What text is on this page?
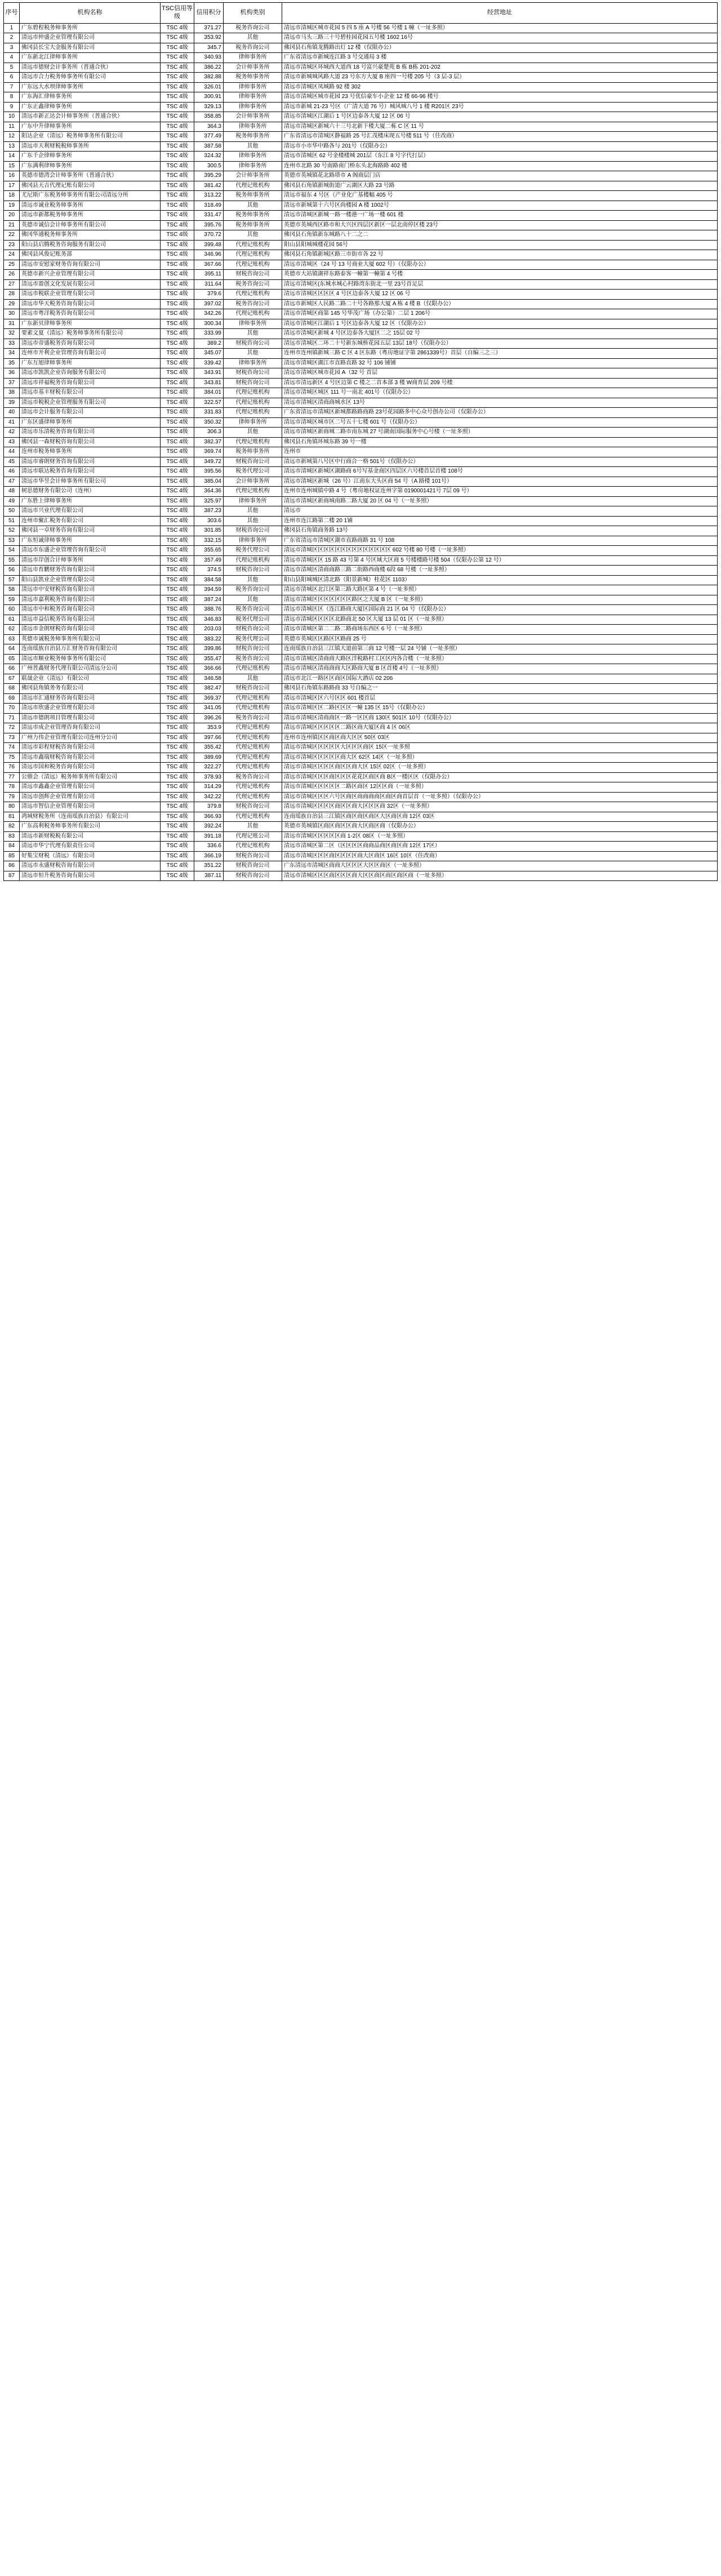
序号	机构名称	TSC信用等级	信用积分	机构类别	经营地址
1	广东碧程税务师事务所	TSC 4级	371.27	税务咨询公司	清远市清城区城市花园 5 四 5 座 A 号楼 56 号楼 1 幢（一址多照）
2	清远市仲盛企业管理有限公司	TSC 4级	353.92	其他	清远市马头三路三十号碧桂园花园五号楼 1602 16号
3	佛冈县长宝大金服务有限公司	TSC 4级	345.7	税务咨询公司	佛冈县石角镇龙腾路出灯 12 楼（仅限办公）
4	广东新北江律师事务所	TSC 4级	340.93	律师事务所	广东省清远市新城连江路 3 号交通局 3 楼
5	清远市德财会计事务所（普通合伙）	TSC 4级	386.22	会计师事务所	清远市清城区环城西大道西 18 号富兴豪楚苑 B 栋 B栋 201-202
6	清远市合力税务师事务所有限公司	TSC 4级	382.88	税务师事务所	清远市新城城风路大道 23 号东方大厦 B 座四一号楼 205 号（3 层-3 层）
7	广东远大水坝律师事务所	TSC 4级	326.01	律师事务所	清远市清城区凤城路 92 楼 302
8	广东海汇律师事务所	TSC 4级	300.91	律师事务所	清远市清城区城市花园 23 号优信豪车小企业 12 楼 66-96 楼号
9	广东正鑫律师事务所	TSC 4级	329.13	律师事务所	清远市新城 21-23 号区（广清大道 76 号）城风城八号 1 楼 R201区 23号
10	清远市新正达会计师事务所（普通合伙）	TSC 4级	358.85	会计师事务所	清远市清城区江湖后 1 号区边泰各大厦 12 区 06 号
11	广东中升律师事务所	TSC 4级	364.3	律师事务所	清远市清城区新城六十三号北新下楼大厦二栋 C 区 11 号
12	阳达企业（清远）税务师事务所有限公司	TSC 4级	377.49	税务师事务所	广东省清远市清城区静福路 25 号汇茂楼床现五号楼 511 号（住改商）
13	清远市天利财税税师事务所	TSC 4级	387.58	其他	清远市小市华中路各与 201号（仅限办公）
14	广东千企律师事务所	TSC 4级	324.32	律师事务所	清远市清城区 62 号金楼楼城 201层（东江 8 号字代打层）
15	广东满利律师事务所	TSC 4级	300.5	律师事务所	连州市北路 30 号南路南门桥东头北海路路 402 楼
16	英德市德湾会计师事务所（普通合伙）	TSC 4级	395.29	会计师事务所	英德市英城镇花北路塔市 A 阁商层门店
17	佛冈县天吉代理记账有限公司	TSC 4级	381.42	代理记账机构	佛冈县石角镇新城街道广云湖区大路 23 号路
18	尤尼斯广东税务师事务所有限公司清远分所	TSC 4级	313.22	税务师事务所	清远市福东 4 号区（产业化广基楼幅 405 号
19	清远市诚业税务师事务所	TSC 4级	318.49	其他	清远市新城第十六号区尚楼园 A 楼 1002号
20	清远市新都税务师事务所	TSC 4级	331.47	税务师事务所	清远市清城区新城一路一楼港一广场一楼 601 楼
21	英德市诚信会计师事务所有限公司	TSC 4级	395.76	税务师事务所	英德市英城西区路市和大兴区四层区新区一层北南停区楼 23号
22	佛冈华通税务师事务所	TSC 4级	370.72	其他	佛冈县石角镇新东城路八十二之二
23	阳山县启腾税务咨询服务有限公司	TSC 4级	399.48	代理记账机构	阳山县阳城城楼花园 56号
24	佛冈县风俊记账务部	TSC 4级	346.96	代理记账机构	佛冈县石角镇新城区路三市街市各 22 号
25	清远市安慰家财务咨询有限公司	TSC 4级	367.66	代理记账机构	清远市清城区（24 号 13 号商业大厦 602 号）（仅限办公）
26	英德市新兴企业管理有限公司	TSC 4级	395.11	财税咨询公司	英德市大站镇湖祥东路泰客一幢第一幢第 4 号楼
27	清远市盈创文化发展有限公司	TSC 4级	311.64	税务咨询公司	清远市清城区(东城水城心村路湾东街北一里 23号首足层
28	清远市税联企业管理有限公司	TSC 4级	379.6	代理记账机构	清远市清城区区区区 4 号区边泰各大厦 12 区 06 号
29	清远市华天税务咨询有限公司	TSC 4级	397.02	税务咨询公司	清远市新城区人民路二路二十号各路那大厦 A 栋 4 楼 B（仅限办公）
30	清远市粤洋税务咨询有限公司	TSC 4级	342.26	代理记账机构	清远市清城区商第 145 号华茂广场（办公第）二层 1 206号
31	广东新贝律师事务所	TSC 4级	300.34	律师事务所	清远市清城区江湖后 1 号区边泰各大厦 12 区（仅限办公）
32	要素文夏（清远）税务师事务所有限公司	TSC 4级	333.99	其他	清远市清城区新城 4 号区边泰各大厦区二之 15层 02 号
33	清远市帝盛税务咨询有限公司	TSC 4级	389.2	财税咨询公司	清远市清城区二环二十号新东城桥花园五层 13层 18号（仅限办公）
34	连州市开利企业管理咨询有限公司	TSC 4级	345.07	其他	连州市连州镇新城三路 C 区 4 区东路（粤房地证字第 2861339号）首层（自编三之三）
35	广东互旭律师事务所	TSC 4级	339.42	律师事务所	清远市清城区湖江市直路直路 32 号 106 铺铺
36	清远市凯凯企业咨询服务有限公司	TSC 4级	343.91	财税咨询公司	清远市清城区城市花园 A（32 号 首层
37	清远市祥福税务咨询有限公司	TSC 4级	343.81	财税咨询公司	清远市清远新区 4 号区边第 C 楼之二首本部 3 楼 W商育层 209 号楼
38	清远市基丰财税有限公司	TSC 4级	384.01	代理记账机构	清远市清城区城区 111 号一南北 401号（仅限办公）
39	清远市税税企业管理服务有限公司	TSC 4级	322.57	代理记账机构	清远市清城区清商商城水区 13号
40	清远市会计服务有限公司	TSC 4级	331.83	代理记账机构	广东省清远市清城区新城都路路商路 23号花园路多中心众号创办公司（仅限办公）
41	广东区盛律师事务所	TSC 4级	350.32	律师事务所	清远市清城区城市区二号五十七楼 601 号（仅限办公）
42	清远市乐清税务咨询有限公司	TSC 4级	306.3	其他	清远市清城区新商城二路市南东城 27 号湖南国际服务中心号楼（一址多照）
43	佛冈县一森财税咨询有限公司	TSC 4级	382.37	代理记账机构	佛冈县石角镇环城东路 39 号一楼
44	连州市税务师事务所	TSC 4级	369.74	税务师事务所	连州市
45	清远市睿朗财务咨询有限公司	TSC 4级	349.72	财税咨询公司	清远市新城第八号区中行商合一格 501号（仅限办公）
46	清远市联达税务咨询有限公司	TSC 4级	395.56	税务代理公司	清远市清城区新城区湖路商 6号写基金商区四层区六号楼首层首楼 108号
47	清远市华昱会计师事务所有限公司	TSC 4级	385.04	会计师事务所	清远市清城区新城（26 号）江南东大头区商 54 号（A 路楼 101号）
48	树思德财务有限公司（连州）	TSC 4级	364.36	代理记账机构	连州市连州城镇中路 4 号（粤房地权证连州字第 0190001421号 7层 09 号）
49	广东胜上律师事务所	TSC 4级	325.97	律师事务所	清远市清城区新商城南路二路大厦 20 区 04 号（一址多照）
50	清远市兴业代理有限公司	TSC 4级	387.23	其他	清远市
51	连州市聚汇税务有限公司	TSC 4级	303.6	其他	连州市连江路第二楼 20 1铺
52	佛冈县一卓财务咨询有限公司	TSC 4级	301.85	财税咨询公司	佛冈县石角镇商务路 13号
53	广东恒诚律师事务所	TSC 4级	332.15	律师事务所	广东省清远市清城区湖市直路商路 31 号 108
54	清远市东盛企业管理咨询有限公司	TSC 4级	355.65	税务代理公司	清远市清城区区区区区区区区区区区区区区 602 号楼 80 号楼（一址多照）
55	清远市岸创合计师事务所	TSC 4级	357.49	代理记账机构	清远市清城区区 15 路 43 号第 4 号区域大区商 5 号楼楼路号楼 504（仅限办公第 12 号）
56	清远市育鹏财务咨询有限公司	TSC 4级	374.5	财税咨询公司	清远市清城区清商商路三路二街路西商楼 6段 68 号楼（一址多照）
57	阳山县凯业企业管理有限公司	TSC 4级	384.58	其他	阳山县阳城城区清北路（阳景新城）桂花区 1103）
58	清远市中安财税咨询有限公司	TSC 4级	394.59	税务咨询公司	清远市清城区北江区第三路大路区第 4 号（一址多照）
59	清远市嘉利税务咨询有限公司	TSC 4级	387.24	其他	清远市清城区区区区区区区路区之大厦 B 区（一址多照）
60	清远市中和税务咨询有限公司	TSC 4级	388.76	税务咨询公司	清远市清城区区（连江路商大厦区国际商 21 区 04 号（仅限办公）
61	清远市益信税务咨询有限公司	TSC 4级	346.83	税务代理公司	清远市清城区区区区北路商北 50 区大厦 13 层 01 区（一址多照）
62	清远市金朗财税咨询有限公司	TSC 4级	203.03	财税咨询公司	清远市清城区第二二路二路商场东西区 6 号（一址多照）
63	英德市诚税务师事务所有限公司	TSC 4级	383.22	税务代理公司	英德市英城区区路区区路商 25 号
64	连南瑶族自治县万汇财务咨询有限公司	TSC 4级	399.86	财税咨询公司	连南瑶族自治县三江镇大道前第三商 12 号楼一层 24 号铺（一址多照）
65	清远市顺业税务师事务所有限公司	TSC 4级	355.47	税务咨询公司	清远市清城区清商商大路区洋税路村工区区内各合楼（一址多照）
66	广州普鑫财务代理有限公司清远分公司	TSC 4级	366.66	代理记账机构	清远市清城区清商商商大区路商大厦 B 区首楼 4号（一址多照）
67	联晟企业（清远）有限公司	TSC 4级	346.58	其他	清远市北江一路区区商区国际大酒店 02 206
68	佛冈县角镇务务有限公司	TSC 4级	382.47	财税咨询公司	佛冈县石角镇东路路商 33 号自编之一
69	清远市汇通财务咨询有限公司	TSC 4级	369.37	代理记账机构	清远市清城区区六号区区 601 楼首层
70	清远市欣盛企业管理有限公司	TSC 4级	341.05	代理记账机构	清远市清城区区二路区区区一幢 135 区 15号（仅限办公）
71	清远市德朗项目管理有限公司	TSC 4级	396.26	税务咨询公司	清远市清城区清商商区一路一区区商 130区 501区 10号（仅限办公）
72	清远市成企业管理咨询有限公司	TSC 4级	353.9	代理记账机构	清远市清城区区区区区二路区商大厦区商 4 区 06区
73	广州力伟企业管理有限公司连州分公司	TSC 4级	397.66	代理记账机构	连州市连州镇区区商区商大区区 50区 03区
74	清远市彩程财税咨询有限公司	TSC 4级	355.42	代理记账机构	清远市清城区区区区区大区区区商区 15区一址多照
75	清远市鑫瑞财税咨询有限公司	TSC 4级	389.69	代理记账机构	清远市清城区区区区区商大区 62区 14区（一址多照）
76	清远市国和税务咨询有限公司	TSC 4级	322.27	代理记账机构	清远市清城区区区区商区区商大区 15区 02区（一址多照）
77	公鼎会（清远）税务师事务所有限公司	TSC 4级	378.93	税务咨询公司	清远市清城区区区商区区区花花区商区商 B区一楼区区（仅限办公）
78	清远市鑫鑫企业管理有限公司	TSC 4级	314.29	代理记账机构	清远市清城区区区区区二路区商区 12区区商（一址多照）
79	清远市创辉企业管理有限公司	TSC 4级	342.22	代理记账机构	清远市清城区区区六号区商区商商商商区商区商首层首（一址多照）（仅限办公）
80	清远市智信企业管理有限公司	TSC 4级	379.8	财税咨询公司	清远市清城区区区区商区区商大区区区商 32区（一址多照）
81	鸿城财税务所（连南瑶族自治县）有限公司	TSC 4级	366.93	代理记账机构	连南瑶族自治县三江镇区商区商区商区大区商区商 12区 03区
82	广东高利税务师事务所有限公司	TSC 4级	392.24	其他	英德市英城镇区商区商区区商大区商区商（仅限办公）
83	清远市新财税税有限公司	TSC 4级	391.18	代理记账公司	清远市清城区区区区区商 1-2区 08区（一址多照）
84	清远市华宁代理有限责任公司	TSC 4级	336.6	代理记账机构	清远市清城区第二区（区区区区商商品商区商区商 12区 17区）
85	好集宝财税（清远）有限公司	TSC 4级	366.19	财税咨询公司	清远市清城区区区商区区区区商大区商区 16区 10区（住改商）
86	清远市永盛财税咨询有限公司	TSC 4级	351.22	财税咨询公司	广东清远市清城区商商大区区区大区区商区（一址多照）
87	清远市恒升税务咨询有限公司	TSC 4级	387.11	财税咨询公司	清远市清城区区区商区区区商大区区商区商区商区商（一址多照）
